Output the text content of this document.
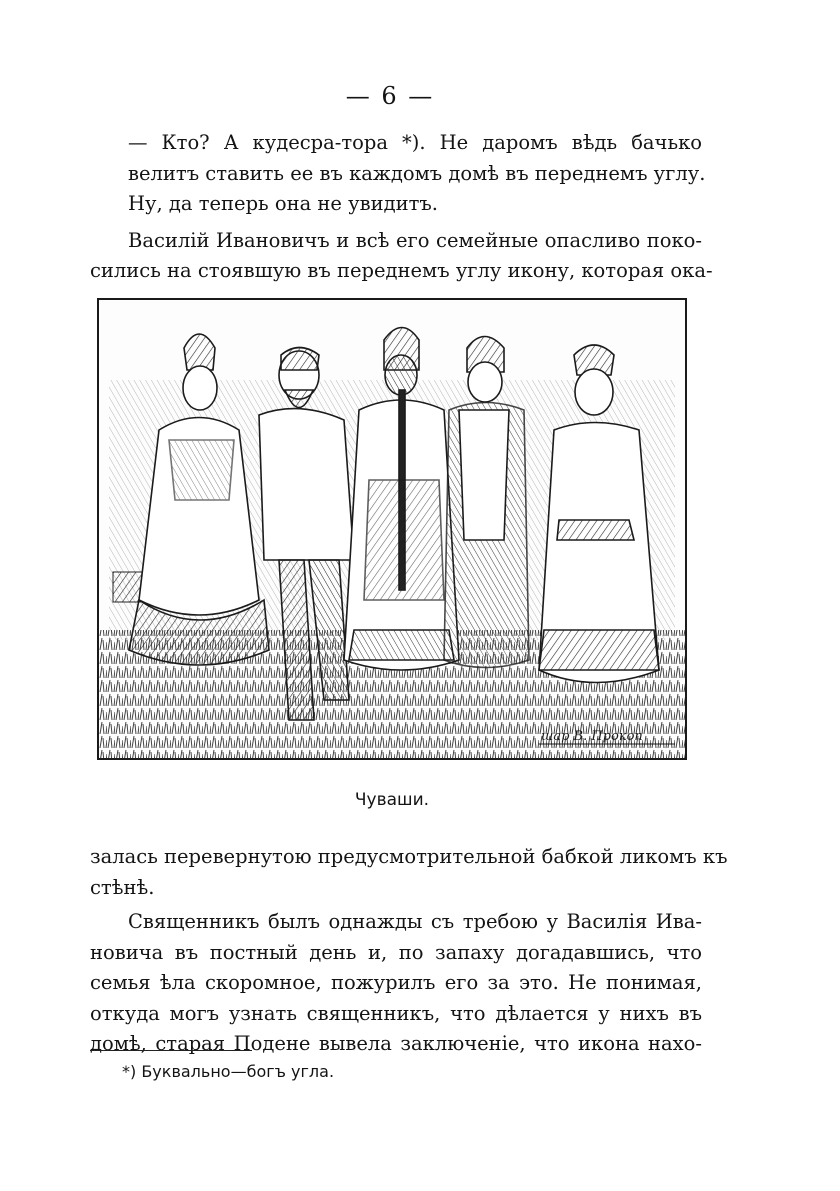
— 6 —

— Кто? А кудесра-тора *). Не даромъ вѣдь бачько
велитъ ставить ее въ каждомъ домѣ въ переднемъ углу.
Ну, да теперь она не увидитъ.

Василій Ивановичъ и всѣ его семейные опасливо поко-
сились на стоявшую въ переднемъ углу икону, которая ока-

шар В. Прокоп
Чуваши.

залась перевернутою предусмотрительной бабкой ликомъ къ
стѣнѣ.

Священникъ былъ однажды съ требою у Василія Ива-
новича въ постный день и, по запаху догадавшись, что
семья ѣла скоромное, пожурилъ его за это. Не понимая,
откуда могъ узнать священникъ, что дѣлается у нихъ въ
домѣ, старая Подене вывела заключеніе, что икона нахо-

*) Буквально—богъ угла.
